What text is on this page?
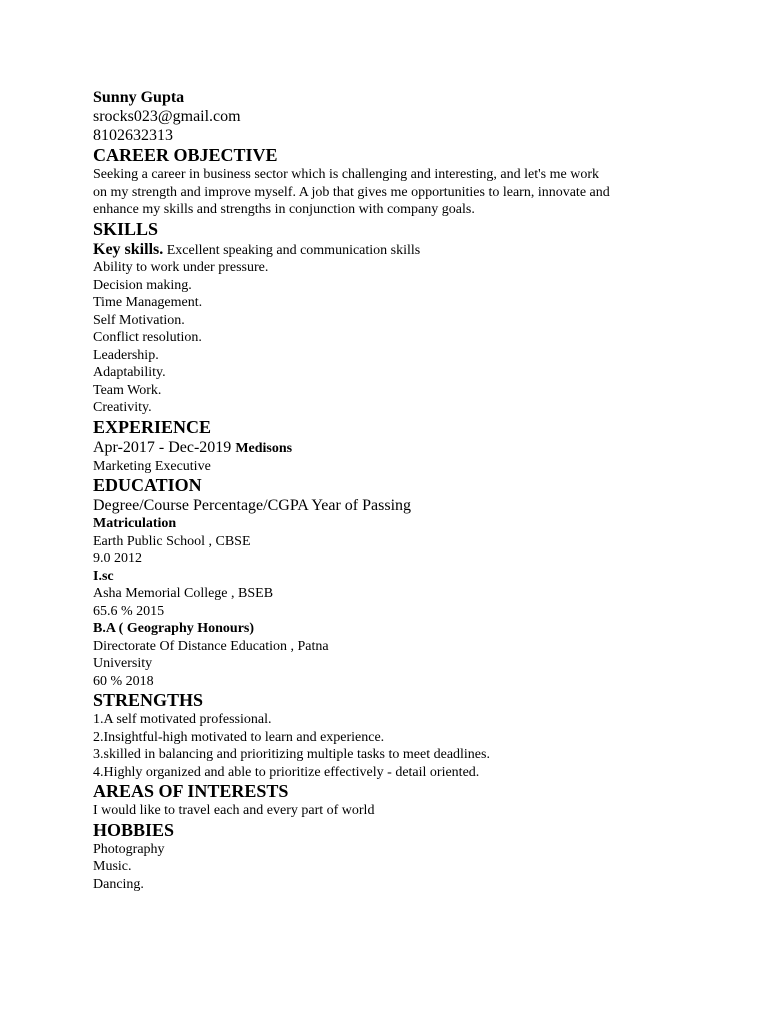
Sunny Gupta
srocks023@gmail.com
8102632313
CAREER OBJECTIVE
Seeking a career in business sector which is challenging and interesting, and let's me work
on my strength and improve myself. A job that gives me opportunities to learn, innovate and
enhance my skills and strengths in conjunction with company goals.
SKILLS
Key skills. Excellent speaking and communication skills
Ability to work under pressure.
Decision making.
Time Management.
Self Motivation.
Conflict resolution.
Leadership.
Adaptability.
Team Work.
Creativity.
EXPERIENCE
Apr-2017 - Dec-2019 Medisons
Marketing Executive
EDUCATION
Degree/Course Percentage/CGPA Year of Passing
Matriculation
Earth Public School , CBSE
9.0 2012
I.sc
Asha Memorial College , BSEB
65.6 % 2015
B.A ( Geography Honours)
Directorate Of Distance Education , Patna
University
60 % 2018
STRENGTHS
1.A self motivated professional.
2.Insightful-high motivated to learn and experience.
3.skilled in balancing and prioritizing multiple tasks to meet deadlines.
4.Highly organized and able to prioritize effectively - detail oriented.
AREAS OF INTERESTS
I would like to travel each and every part of world
HOBBIES
Photography
Music.
Dancing.
